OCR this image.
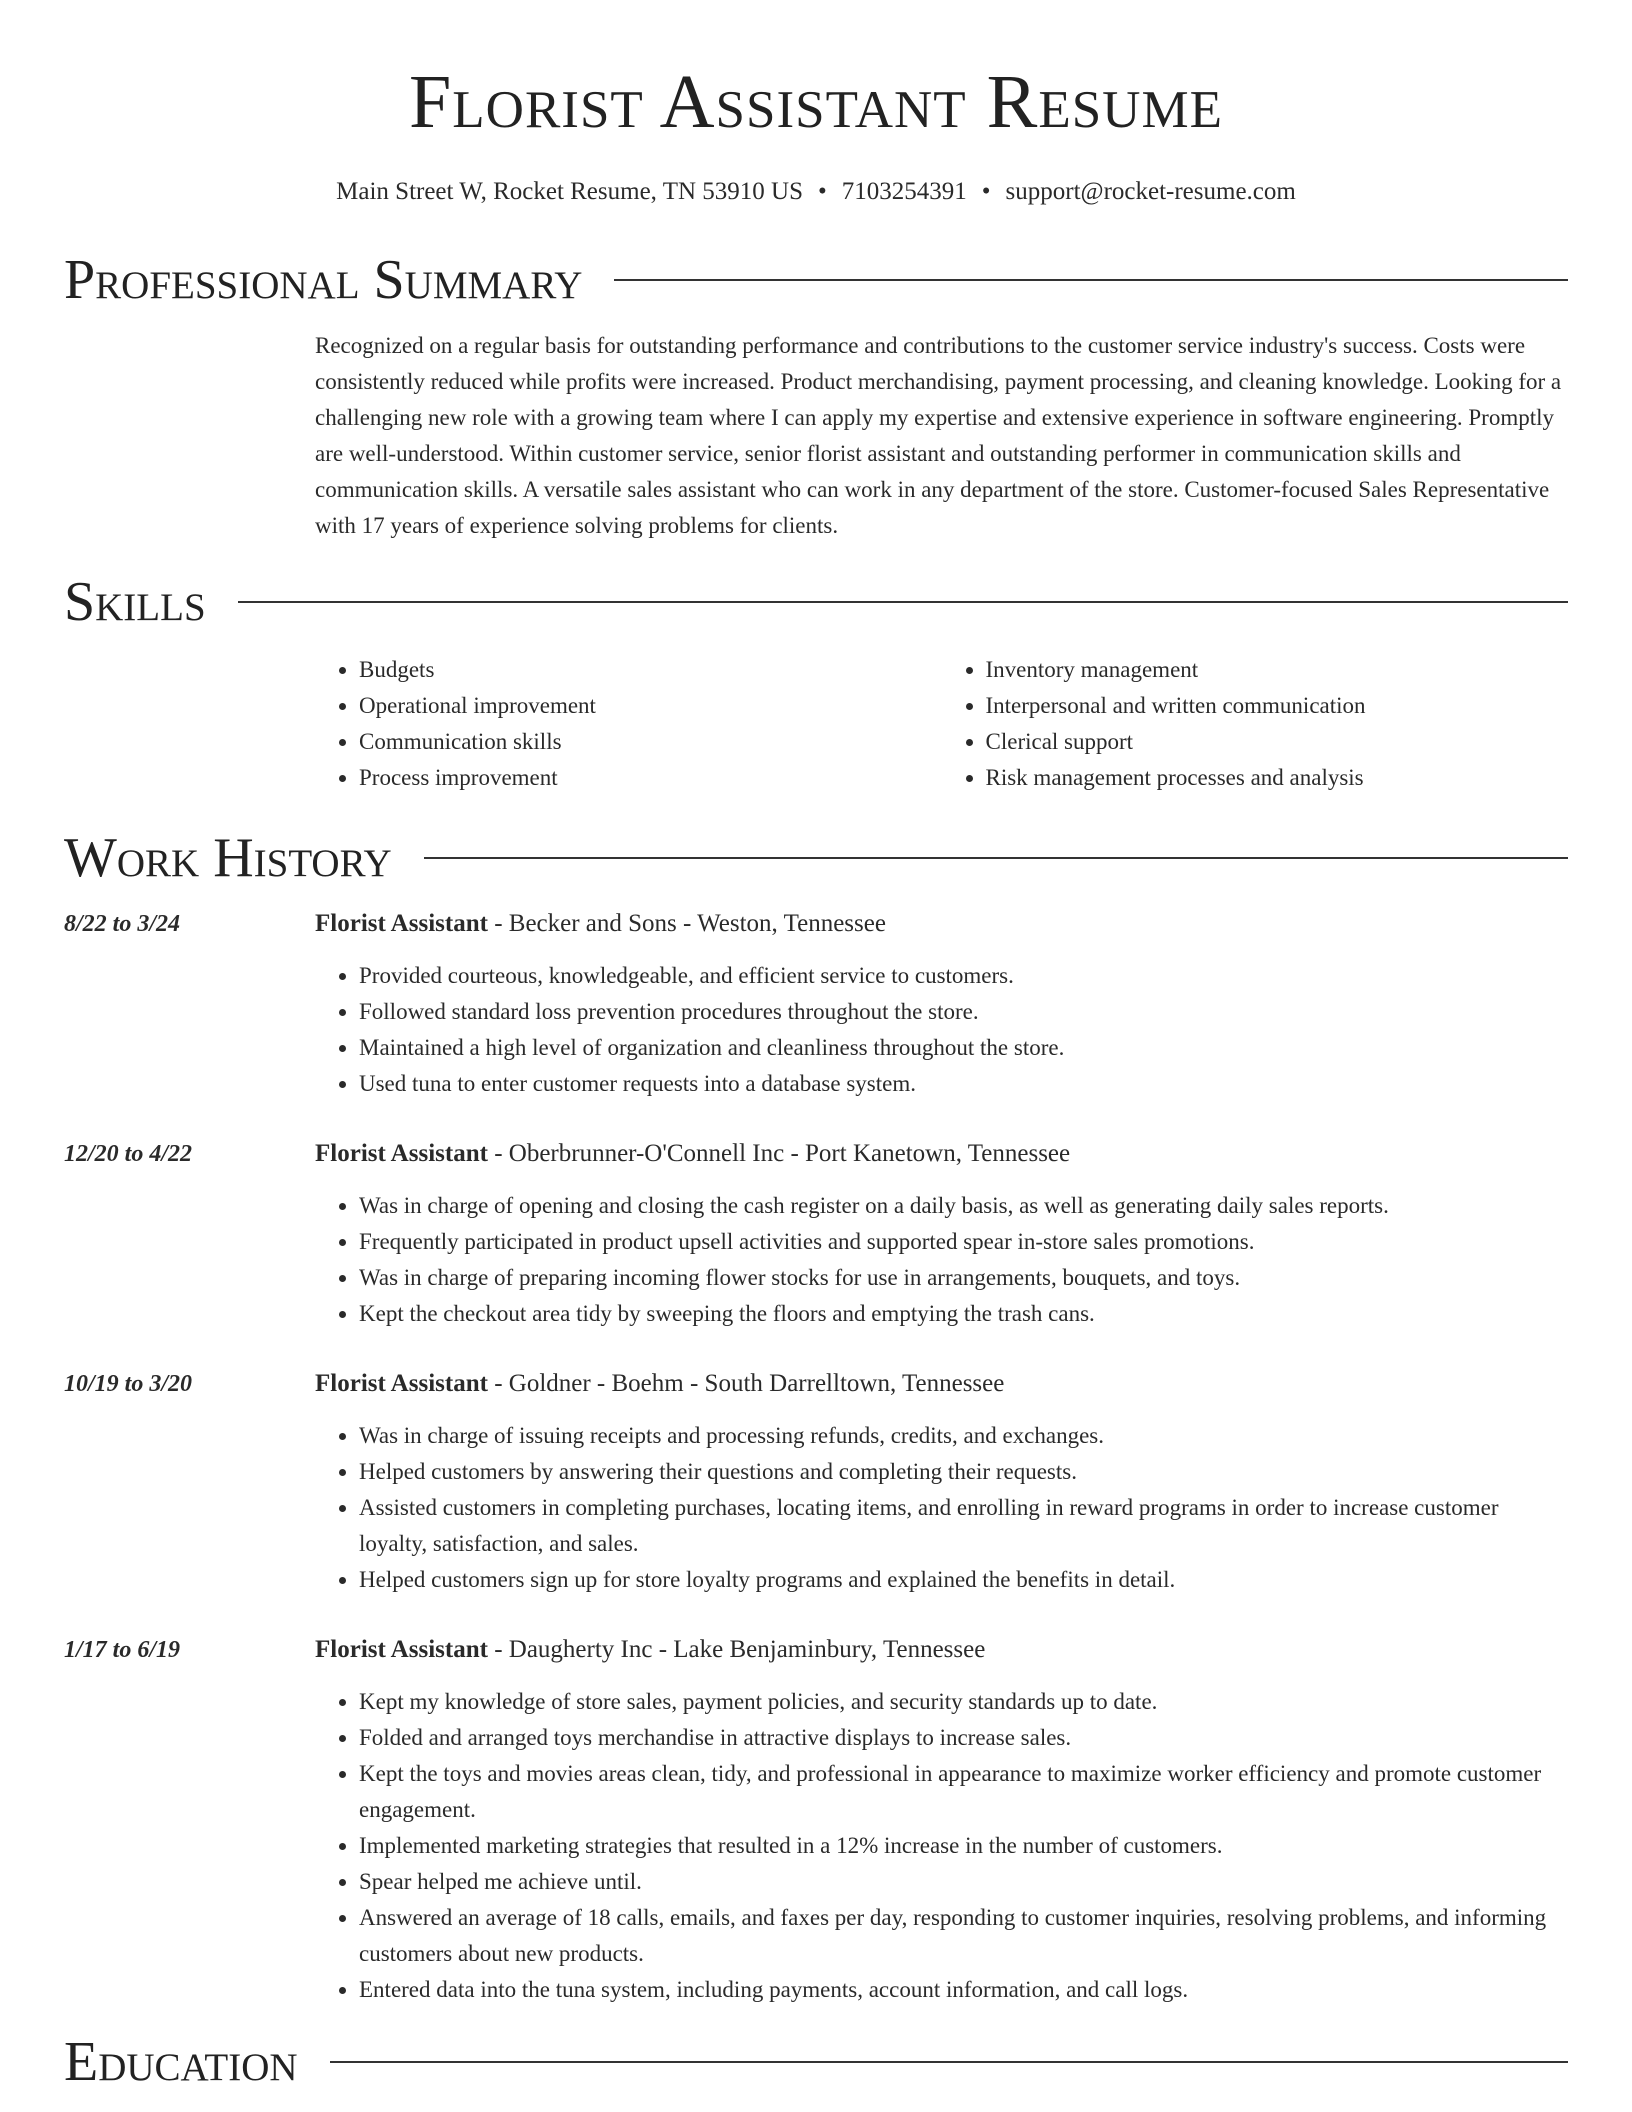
Florist Assistant Resume
Main Street W, Rocket Resume, TN 53910 US • 7103254391 • support@rocket-resume.com
Professional Summary

Recognized on a regular basis for outstanding performance and contributions to the customer service industry's success. Costs were consistently reduced while profits were increased. Product merchandising, payment processing, and cleaning knowledge. Looking for a challenging new role with a growing team where I can apply my expertise and extensive experience in software engineering. Promptly are well-understood. Within customer service, senior florist assistant and outstanding performer in communication skills and communication skills. A versatile sales assistant who can work in any department of the store. Customer-focused Sales Representative with 17 years of experience solving problems for clients.

Skills
• Budgets
• Operational improvement
• Communication skills
• Process improvement
• Inventory management
• Interpersonal and written communication
• Clerical support
• Risk management processes and analysis
Work History
8/22 to 3/24	Florist Assistant - Becker and Sons - Weston, Tennessee
• Provided courteous, knowledgeable, and efficient service to customers.
• Followed standard loss prevention procedures throughout the store.
• Maintained a high level of organization and cleanliness throughout the store.
• Used tuna to enter customer requests into a database system.
12/20 to 4/22	Florist Assistant - Oberbrunner-O'Connell Inc - Port Kanetown, Tennessee
• Was in charge of opening and closing the cash register on a daily basis, as well as generating daily sales reports.
• Frequently participated in product upsell activities and supported spear in-store sales promotions.
• Was in charge of preparing incoming flower stocks for use in arrangements, bouquets, and toys.
• Kept the checkout area tidy by sweeping the floors and emptying the trash cans.
10/19 to 3/20	Florist Assistant - Goldner - Boehm - South Darrelltown, Tennessee
• Was in charge of issuing receipts and processing refunds, credits, and exchanges.
• Helped customers by answering their questions and completing their requests.
• Assisted customers in completing purchases, locating items, and enrolling in reward programs in order to increase customer loyalty, satisfaction, and sales.
• Helped customers sign up for store loyalty programs and explained the benefits in detail.
1/17 to 6/19	Florist Assistant - Daugherty Inc - Lake Benjaminbury, Tennessee
• Kept my knowledge of store sales, payment policies, and security standards up to date.
• Folded and arranged toys merchandise in attractive displays to increase sales.
• Kept the toys and movies areas clean, tidy, and professional in appearance to maximize worker efficiency and promote customer engagement.
• Implemented marketing strategies that resulted in a 12% increase in the number of customers.
• Spear helped me achieve until.
• Answered an average of 18 calls, emails, and faxes per day, responding to customer inquiries, resolving problems, and informing customers about new products.
• Entered data into the tuna system, including payments, account information, and call logs.
Education
